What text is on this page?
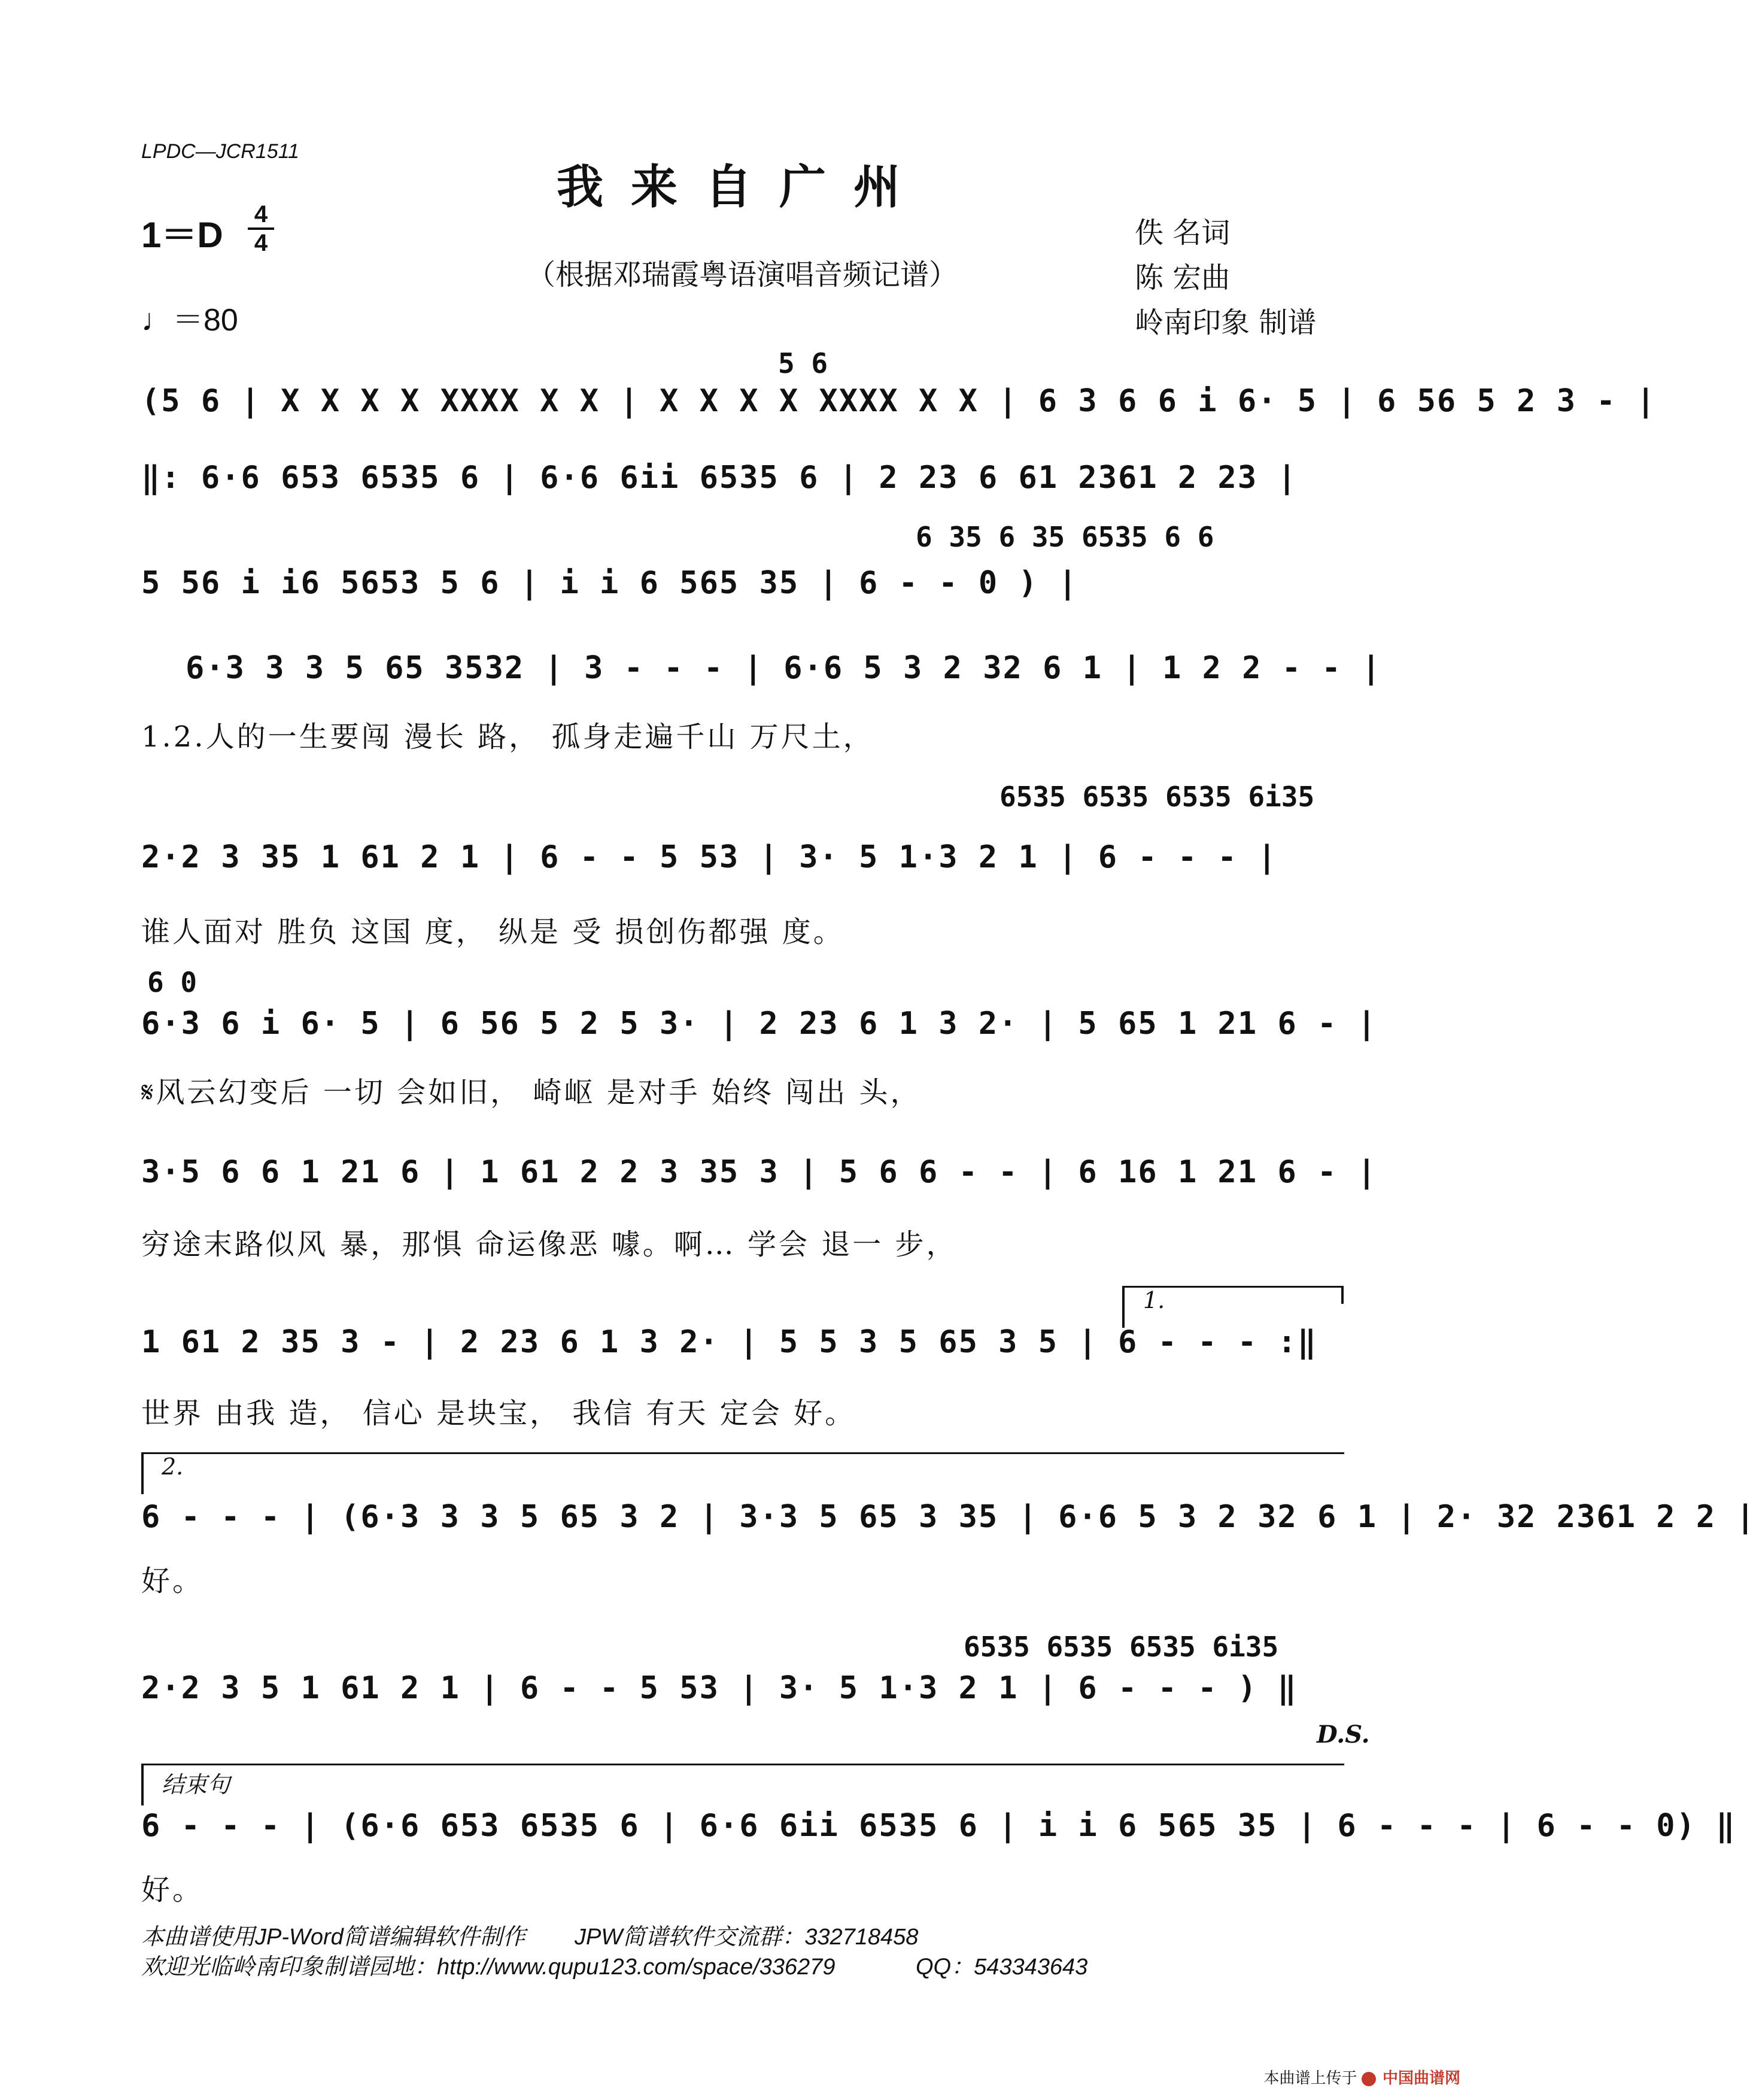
LPDC—JCR1511
我来自广州
（根据邓瑞霞粤语演唱音频记谱）
1＝D
4
4
♩＝80
佚 名词
陈 宏曲
岭南印象 制谱
5 6
(5 6 | X X X X XXXX X X | X X X X XXXX X X | 6 3 6 6 i 6· 5 | 6 56 5 2 3 - |
‖: 6·6 653 6535 6 | 6·6 6ii 6535 6 | 2 23 6 61 2361 2 23 |
6 35 6 35 6535 6 6
5 56 i i6 5653 5 6 | i i 6 565 35 | 6 - - 0 ) |
6·3 3 3 5 65 3532 | 3 - - - | 6·6 5 3 2 32 6 1 | 1 2 2 - - |
1.2.人的一生要闯 漫长 路， 孤身走遍千山 万尺土，
6535 6535 6535 6i35
2·2 3 35 1 61 2 1 | 6 - - 5 53 | 3· 5 1·3 2 1 | 6 - - - |
谁人面对 胜负 这国 度， 纵是 受 损创伤都强 度。
6 0
6·3 6 i 6· 5 | 6 56 5 2 5 3· | 2 23 6 1 3 2· | 5 65 1 21 6 - |
𝄋风云幻变后 一切 会如旧， 崎岖 是对手 始终 闯出 头，
3·5 6 6 1 21 6 | 1 61 2 2 3 35 3 | 5 6 6 - - | 6 16 1 21 6 - |
穷途末路似风 暴，那惧 命运像恶 噱。啊… 学会 退一 步，
1.
1 61 2 35 3 - | 2 23 6 1 3 2· | 5 5 3 5 65 3 5 | 6 - - - :‖
世界 由我 造， 信心 是块宝， 我信 有天 定会 好。
2.
6 - - - | (6·3 3 3 5 65 3 2 | 3·3 5 65 3 35 | 6·6 5 3 2 32 6 1 | 2· 32 2361 2 2 |
好。
6535 6535 6535 6i35
2·2 3 5 1 61 2 1 | 6 - - 5 53 | 3· 5 1·3 2 1 | 6 - - - ) ‖
D.S.
结束句
6 - - - | (6·6 653 6535 6 | 6·6 6ii 6535 6 | i i 6 565 35 | 6 - - - | 6 - - 0) ‖
好。
本曲谱使用JP-Word简谱编辑软件制作 JPW简谱软件交流群：332718458
欢迎光临岭南印象制谱园地：http://www.qupu123.com/space/336279	QQ：543343643
本曲谱上传于 中国曲谱网
